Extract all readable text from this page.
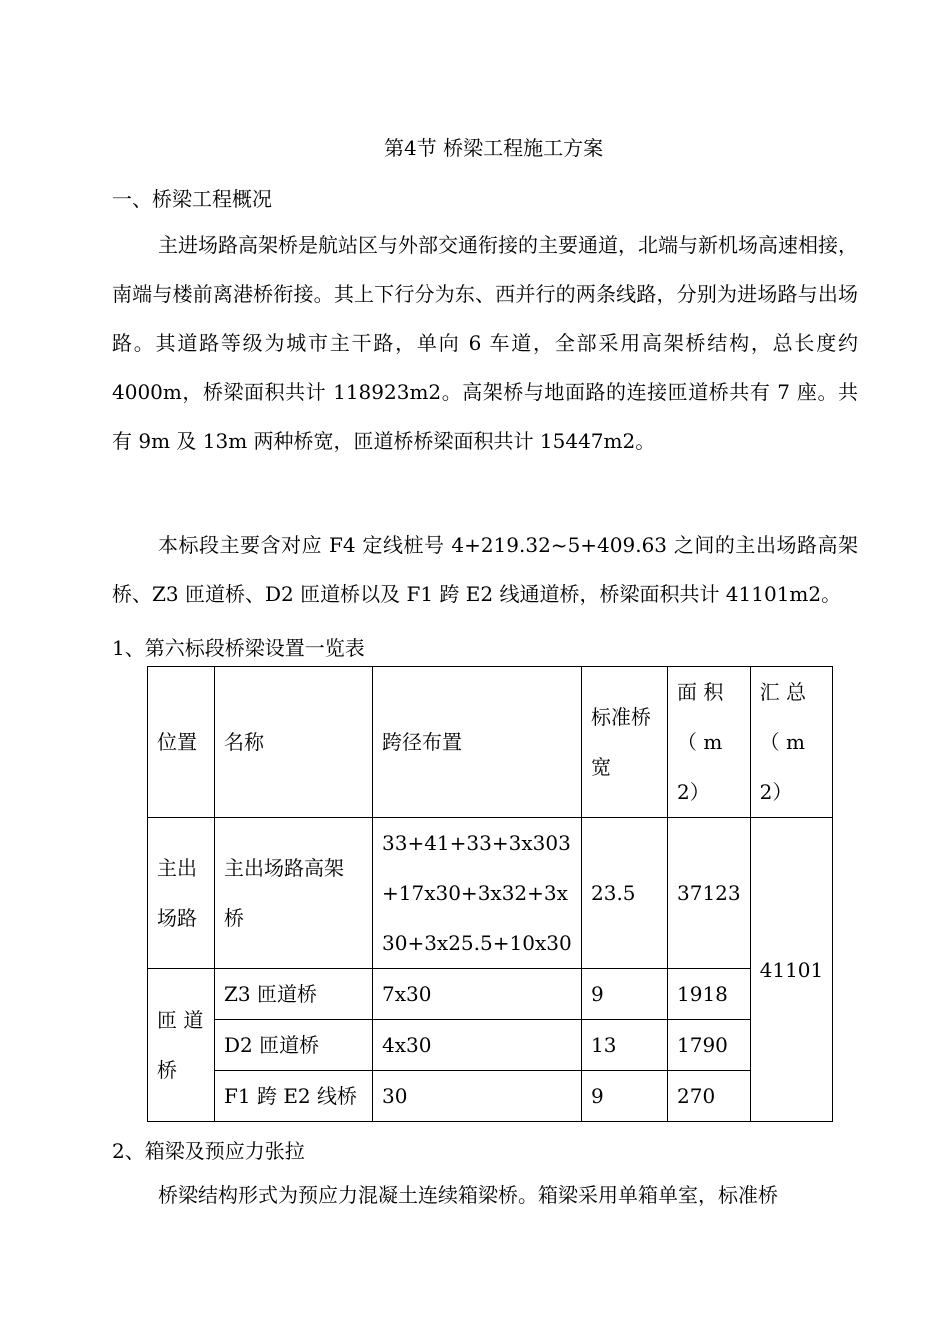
第4节 桥梁工程施工方案
一、桥梁工程概况
主进场路高架桥是航站区与外部交通衔接的主要通道，北端与新机场高速相接，南端与楼前离港桥衔接。其上下行分为东、西并行的两条线路，分别为进场路与出场路。其道路等级为城市主干路，单向 6 车道，全部采用高架桥结构，总长度约 4000m，桥梁面积共计 118923m2。高架桥与地面路的连接匝道桥共有 7 座。共有 9m 及 13m 两种桥宽，匝道桥桥梁面积共计 15447m2。
本标段主要含对应 F4 定线桩号 4+219.32~5+409.63 之间的主出场路高架桥、Z3 匝道桥、D2 匝道桥以及 F1 跨 E2 线通道桥，桥梁面积共计 41101m2。
1、第六标段桥梁设置一览表
位置	名称	跨径布置	标准桥宽	面 积（ m2）	汇 总（ m2）
主出场路	主出场路高架桥	33+41+33+3x303+17x30+3x32+3x30+3x25.5+10x30	23.5	37123	41101
匝 道 桥	Z3 匝道桥	7x30	9	1918	
	D2 匝道桥	4x30	13	1790	
	F1 跨 E2 线桥	30	9	270	
2、箱梁及预应力张拉
桥梁结构形式为预应力混凝土连续箱梁桥。箱梁采用单箱单室，标准桥
